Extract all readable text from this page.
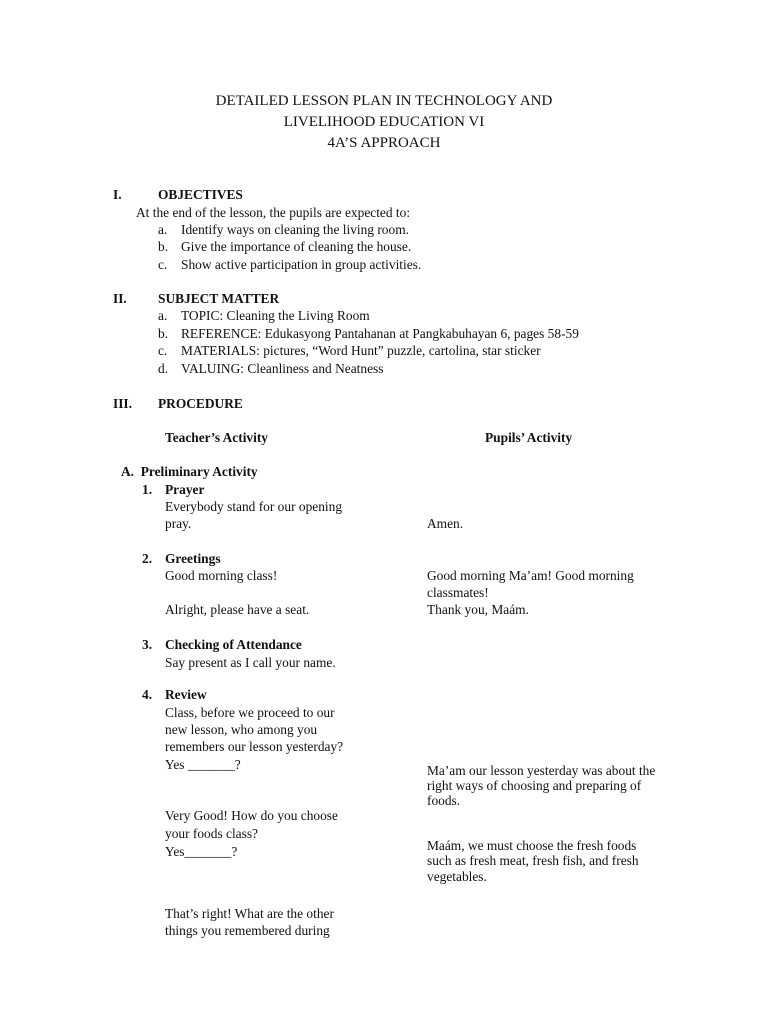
DETAILED LESSON PLAN IN TECHNOLOGY AND
LIVELIHOOD EDUCATION VI
4A’S APPROACH
I.	OBJECTIVES
At the end of the lesson, the pupils are expected to:
a. Identify ways on cleaning the living room.
b. Give the importance of cleaning the house.
c. Show active participation in group activities.
II. SUBJECT MATTER
a. TOPIC: Cleaning the Living Room
b. REFERENCE: Edukasyong Pantahanan at Pangkabuhayan 6, pages 58-59
c. MATERIALS: pictures, “Word Hunt” puzzle, cartolina, star sticker
d. VALUING: Cleanliness and Neatness
III. PROCEDURE
Teacher’s Activity	Pupils’ Activity
A.  Preliminary Activity
1. Prayer
Everybody stand for our opening
pray.	Amen.
2. Greetings
Good morning class!	Good morning Ma’am! Good morning
classmates!
Alright, please have a seat.	Thank you, Maám.
3. Checking of Attendance
Say present as I call your name.
4. Review
Class, before we proceed to our
new lesson, who among you
remembers our lesson yesterday?
Yes _______?	Ma’am our lesson yesterday was about the
right ways of choosing and preparing of
foods.
Very Good! How do you choose
your foods class?
Yes_______?	Maám, we must choose the fresh foods
such as fresh meat, fresh fish, and fresh
vegetables.
That’s right! What are the other
things you remembered during
